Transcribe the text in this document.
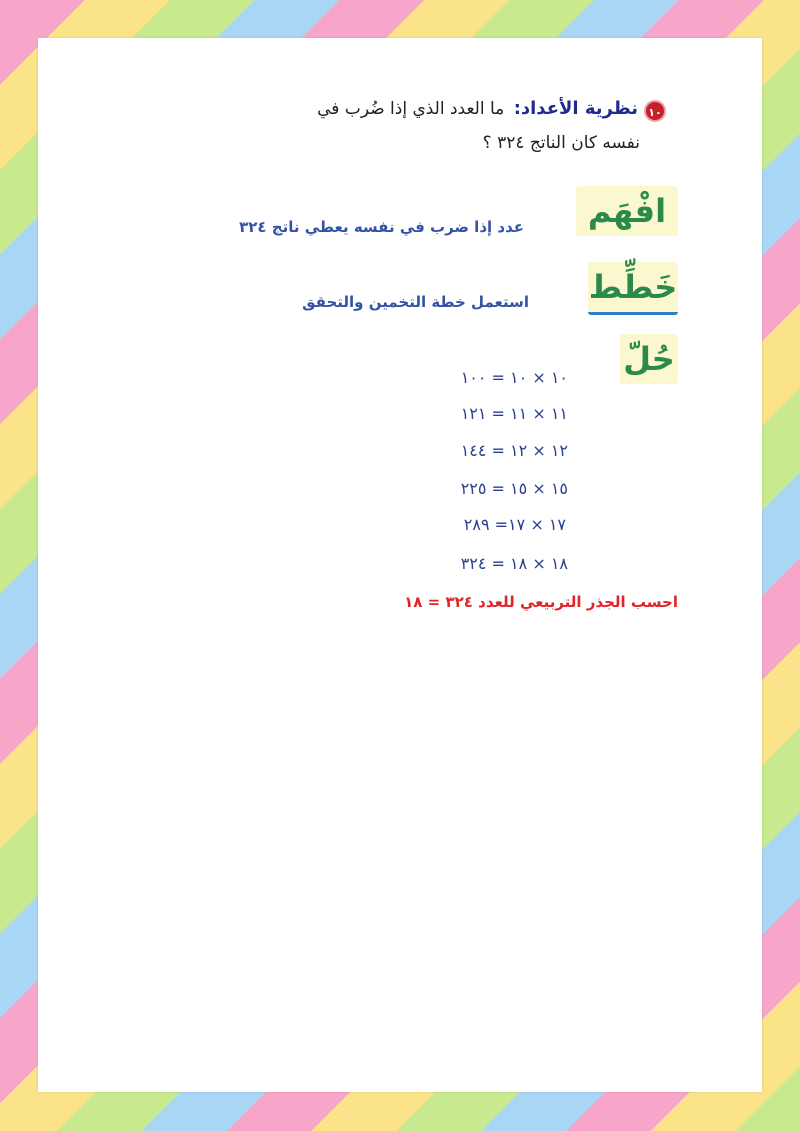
١٠
نظرية الأعداد: ما العدد الذي إذا ضُرب في
نفسه كان الناتج ٣٢٤ ؟
افْهَم
عدد إذا ضرب في نفسه يعطي ناتج ٣٢٤
خَطِّط
استعمل خطة التخمين والتحقق
حُلّ
١٠ × ١٠ = ١٠٠
١١ × ١١ = ١٢١
١٢ × ١٢ = ١٤٤
١٥ × ١٥ = ٢٢٥
١٧ × ١٧= ٢٨٩
١٨ × ١٨ = ٣٢٤
احسب الجذر التربيعي للعدد ٣٢٤ = ١٨
